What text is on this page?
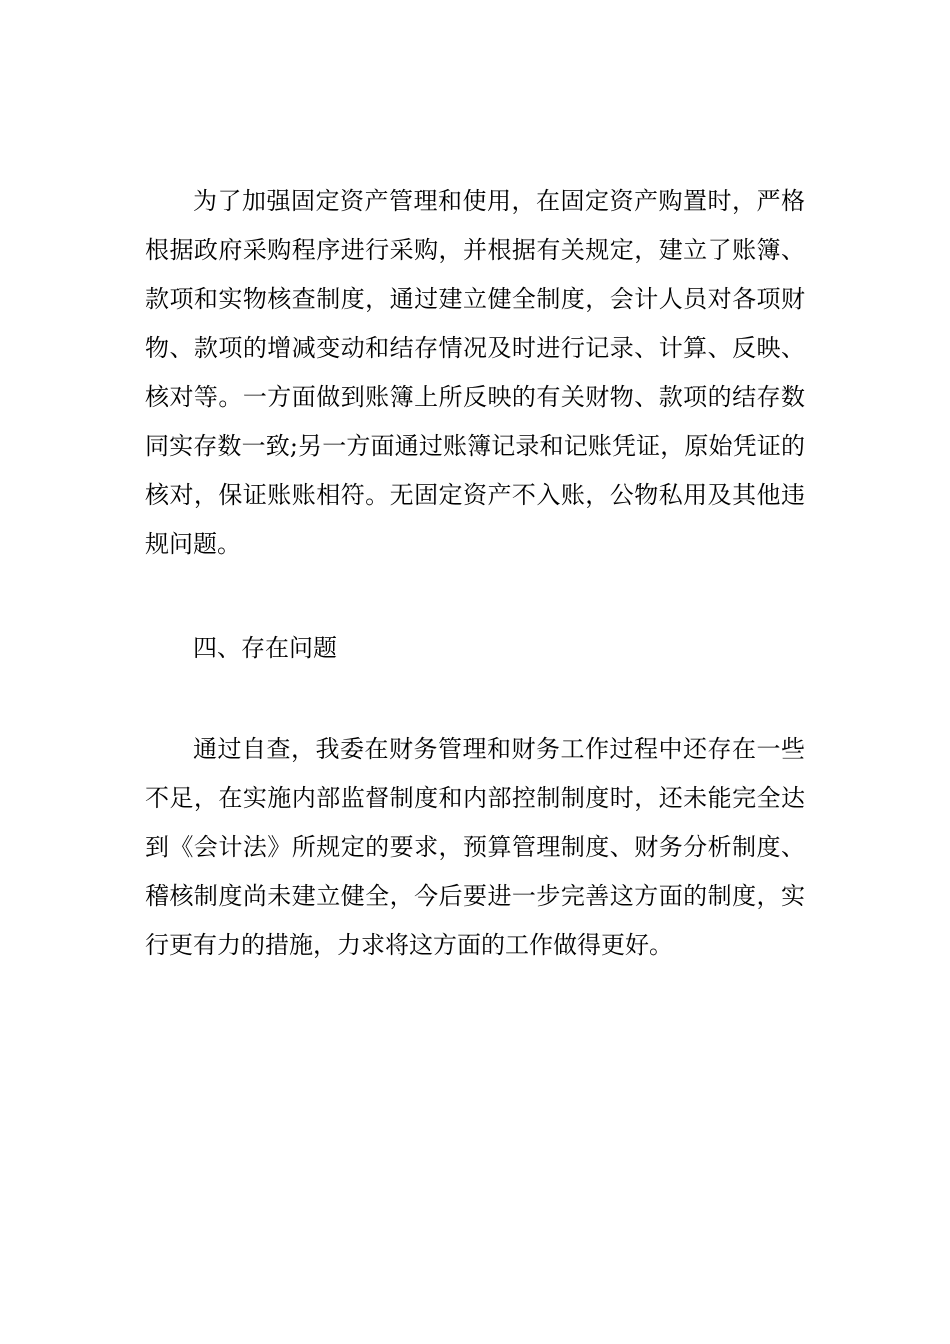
为了加强固定资产管理和使用，在固定资产购置时，严格
根据政府采购程序进行采购，并根据有关规定，建立了账簿、
款项和实物核查制度，通过建立健全制度，会计人员对各项财
物、款项的增减变动和结存情况及时进行记录、计算、反映、
核对等。一方面做到账簿上所反映的有关财物、款项的结存数
同实存数一致;另一方面通过账簿记录和记账凭证，原始凭证的
核对，保证账账相符。无固定资产不入账，公物私用及其他违
规问题。
四、存在问题
通过自查，我委在财务管理和财务工作过程中还存在一些
不足，在实施内部监督制度和内部控制制度时，还未能完全达
到《会计法》所规定的要求，预算管理制度、财务分析制度、
稽核制度尚未建立健全，今后要进一步完善这方面的制度，实
行更有力的措施，力求将这方面的工作做得更好。
